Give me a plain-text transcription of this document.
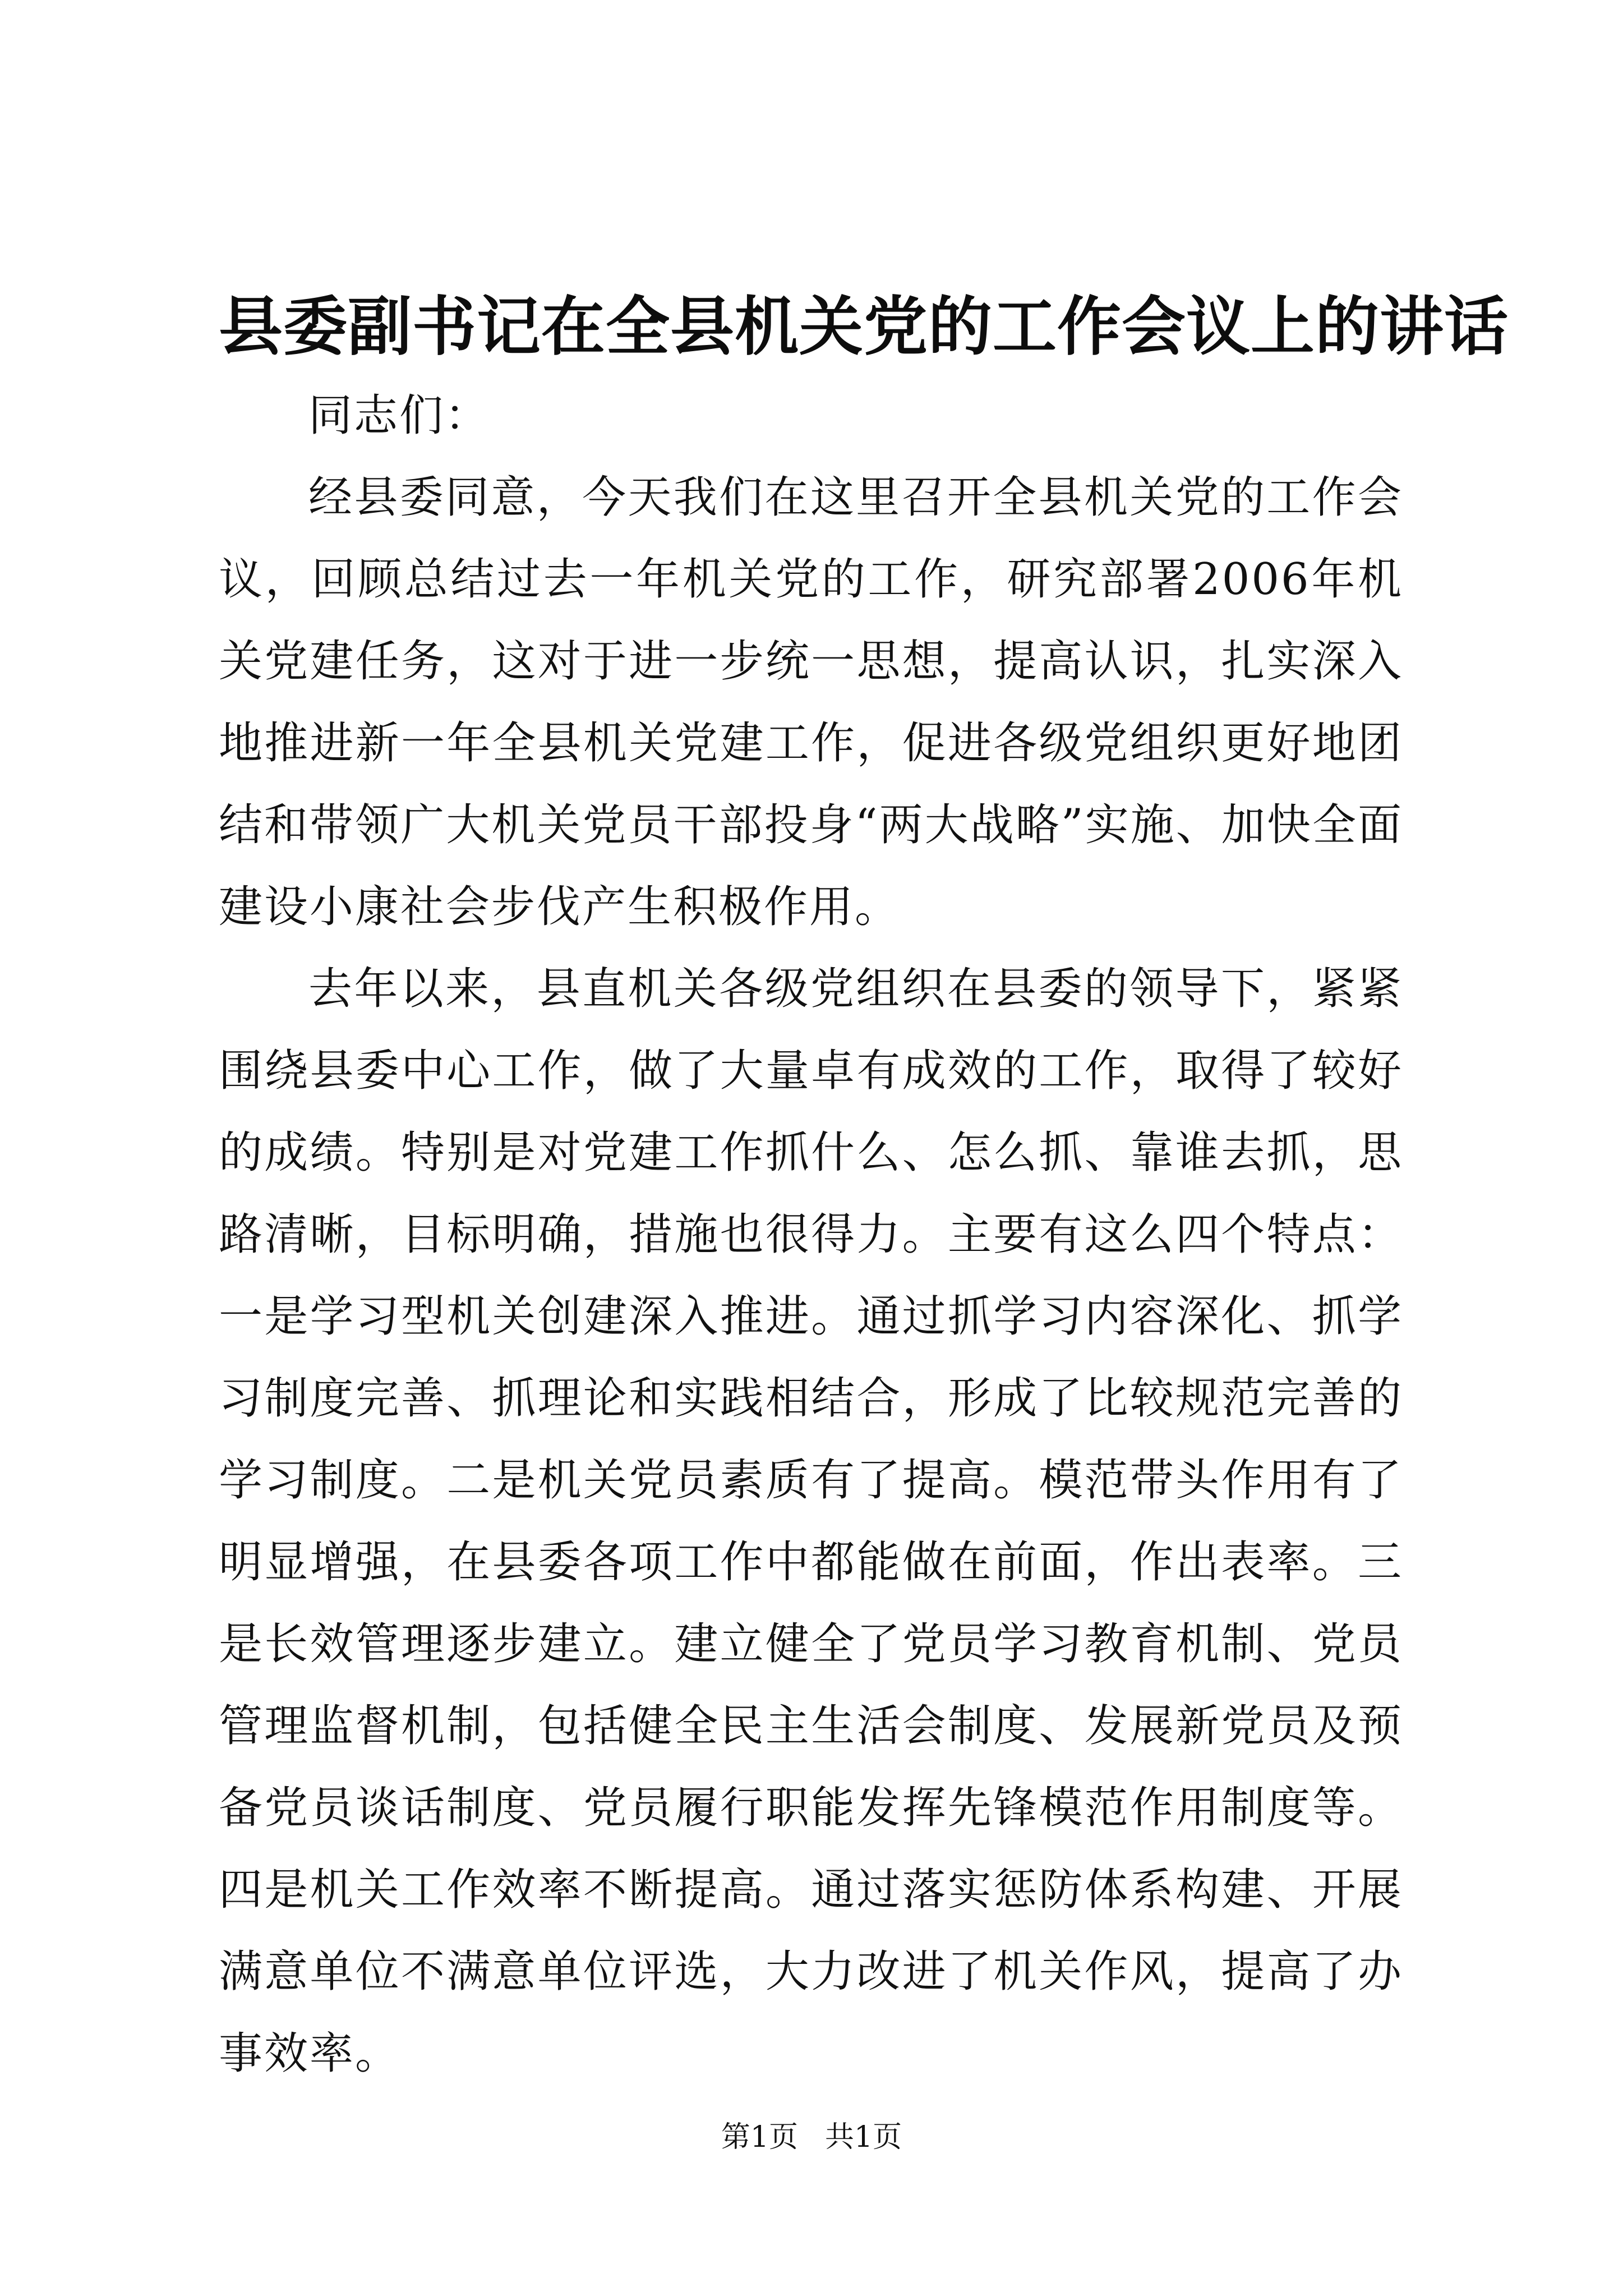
县委副书记在全县机关党的工作会议上的讲话

同志们：

经县委同意，今天我们在这里召开全县机关党的工作会议，回顾总结过去一年机关党的工作，研究部署2006年机关党建任务，这对于进一步统一思想，提高认识，扎实深入地推进新一年全县机关党建工作，促进各级党组织更好地团结和带领广大机关党员干部投身“两大战略”实施、加快全面建设小康社会步伐产生积极作用。

去年以来，县直机关各级党组织在县委的领导下，紧紧围绕县委中心工作，做了大量卓有成效的工作，取得了较好的成绩。特别是对党建工作抓什么、怎么抓、靠谁去抓，思路清晰，目标明确，措施也很得力。主要有这么四个特点：一是学习型机关创建深入推进。通过抓学习内容深化、抓学习制度完善、抓理论和实践相结合，形成了比较规范完善的学习制度。二是机关党员素质有了提高。模范带头作用有了明显增强，在县委各项工作中都能做在前面，作出表率。三是长效管理逐步建立。建立健全了党员学习教育机制、党员管理监督机制，包括健全民主生活会制度、发展新党员及预备党员谈话制度、党员履行职能发挥先锋模范作用制度等。四是机关工作效率不断提高。通过落实惩防体系构建、开展满意单位不满意单位评选，大力改进了机关作风，提高了办事效率。

第1页 共1页
